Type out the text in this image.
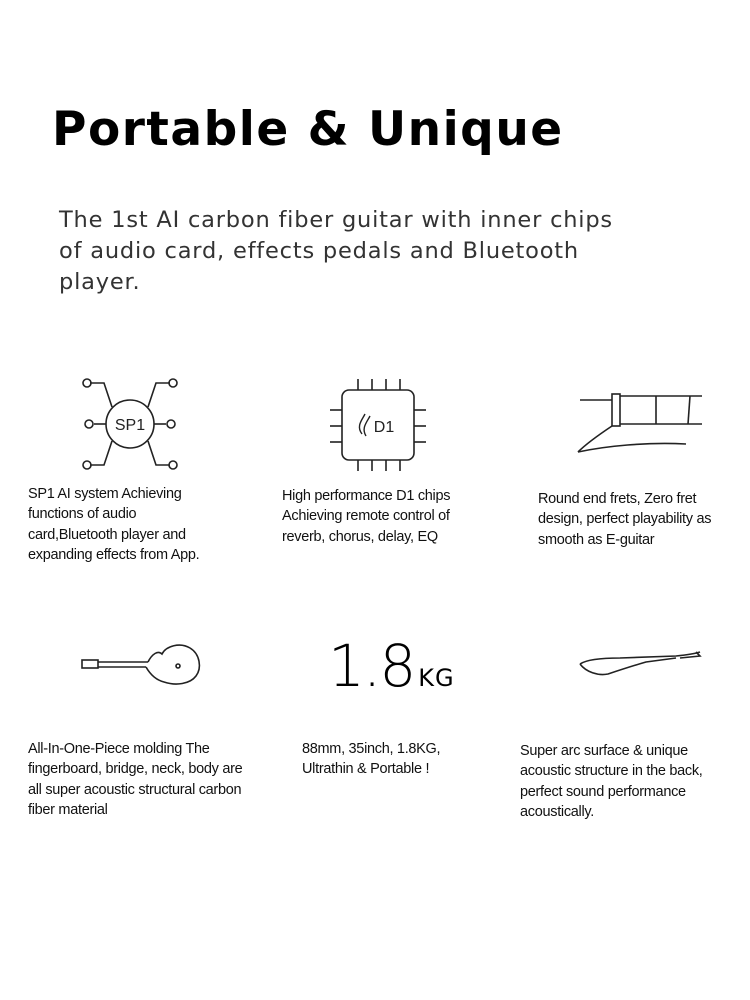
Portable & Unique

The 1st AI carbon fiber guitar with inner chips of audio card, effects pedals and Bluetooth player.

SP1	D1
1.8 KG

SP1 AI system Achieving functions of audio card,Bluetooth player and expanding effects from App.

High performance D1 chips Achieving remote control of reverb, chorus, delay, EQ

Round end frets, Zero fret design, perfect playability as smooth as E-guitar

All-In-One-Piece molding The fingerboard, bridge, neck, body are all super acoustic structural carbon fiber material

88mm, 35inch, 1.8KG, Ultrathin & Portable !

Super arc surface & unique acoustic structure in the back, perfect sound performance acoustically.
